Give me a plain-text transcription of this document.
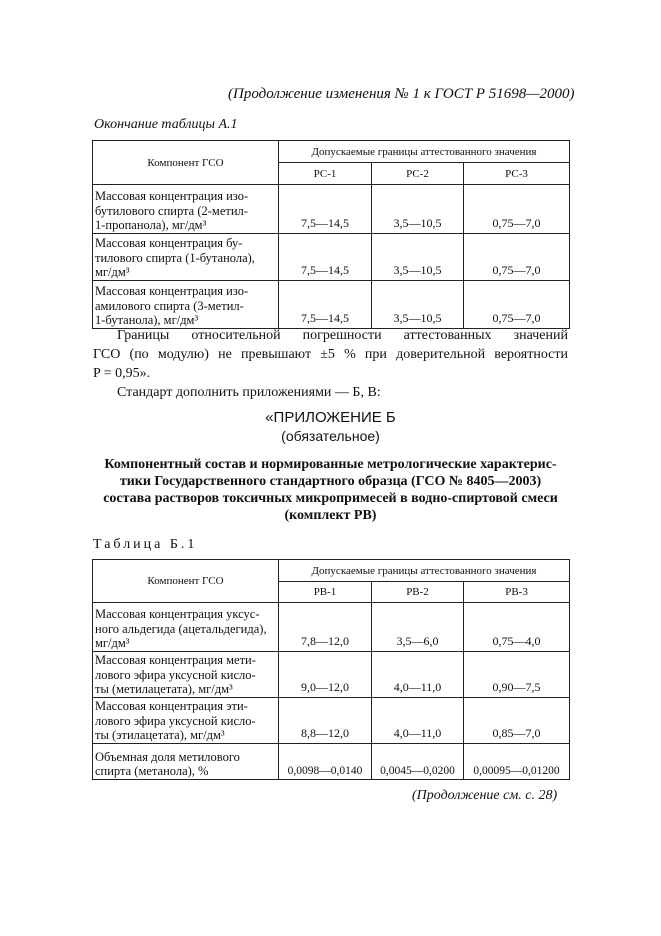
(Продолжение изменения № 1 к ГОСТ Р 51698—2000)
Окончание таблицы А.1
Компонент ГСО	Допускаемые границы аттестованного значения		
	РС-1	РС-2	РС-3

Массовая концентрация изо-
бутилового спирта (2-метил-
1-пропанола), мг/дм³	7,5—14,5	3,5—10,5	0,75—7,0

Массовая концентрация бу-
тилового спирта (1-бутанола),
мг/дм³	7,5—14,5	3,5—10,5	0,75—7,0

Массовая концентрация изо-
амилового спирта (3-метил-
1-бутанола), мг/дм³	7,5—14,5	3,5—10,5	0,75—7,0
Границы относительной погрешности аттестованных значений
ГСО (по модулю) не превышают ±5 % при доверительной вероятности
P = 0,95».
Стандарт дополнить приложениями — Б, В:
«ПРИЛОЖЕНИЕ Б
(обязательное)
Компонентный состав и нормированные метрологические характерис-
тики Государственного стандартного образца (ГСО № 8405—2003)
состава растворов токсичных микропримесей в водно-спиртовой смеси
(комплект РВ)
Таблица Б.1
Компонент ГСО	Допускаемые границы аттестованного значения		
	РВ-1	РВ-2	РВ-3

Массовая концентрация уксус-
ного альдегида (ацетальдегида),
мг/дм³	7,8—12,0	3,5—6,0	0,75—4,0

Массовая концентрация мети-
лового эфира уксусной кисло-
ты (метилацетата), мг/дм³	9,0—12,0	4,0—11,0	0,90—7,5

Массовая концентрация эти-
лового эфира уксусной кисло-
ты (этилацетата), мг/дм³	8,8—12,0	4,0—11,0	0,85—7,0

Объемная доля метилового
спирта (метанола), %	0,0098—0,0140	0,0045—0,0200	0,00095—0,01200
(Продолжение см. с. 28)
